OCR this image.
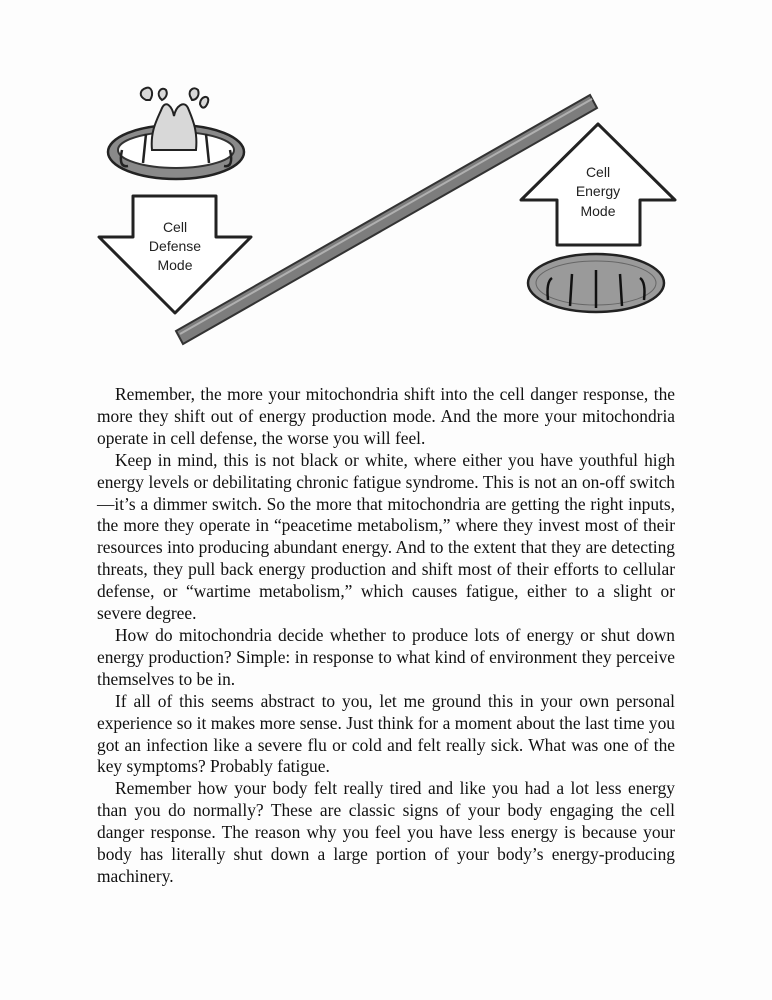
Cell
Defense
Mode
Cell
Energy
Mode

Remember, the more your mitochondria shift into the cell danger response, the more they shift out of energy production mode. And the more your mitochondria operate in cell defense, the worse you will feel.

Keep in mind, this is not black or white, where either you have youthful high energy levels or debilitating chronic fatigue syndrome. This is not an on-off switch—it’s a dimmer switch. So the more that mitochondria are getting the right inputs, the more they operate in “peacetime metabolism,” where they invest most of their resources into producing abundant energy. And to the extent that they are detecting threats, they pull back energy production and shift most of their efforts to cellular defense, or “wartime metabolism,” which causes fatigue, either to a slight or severe degree.

How do mitochondria decide whether to produce lots of energy or shut down energy production? Simple: in response to what kind of environment they perceive themselves to be in.

If all of this seems abstract to you, let me ground this in your own personal experience so it makes more sense. Just think for a moment about the last time you got an infection like a severe flu or cold and felt really sick. What was one of the key symptoms? Probably fatigue.

Remember how your body felt really tired and like you had a lot less energy than you do normally? These are classic signs of your body engaging the cell danger response. The reason why you feel you have less energy is because your body has literally shut down a large portion of your body’s energy-producing machinery.
